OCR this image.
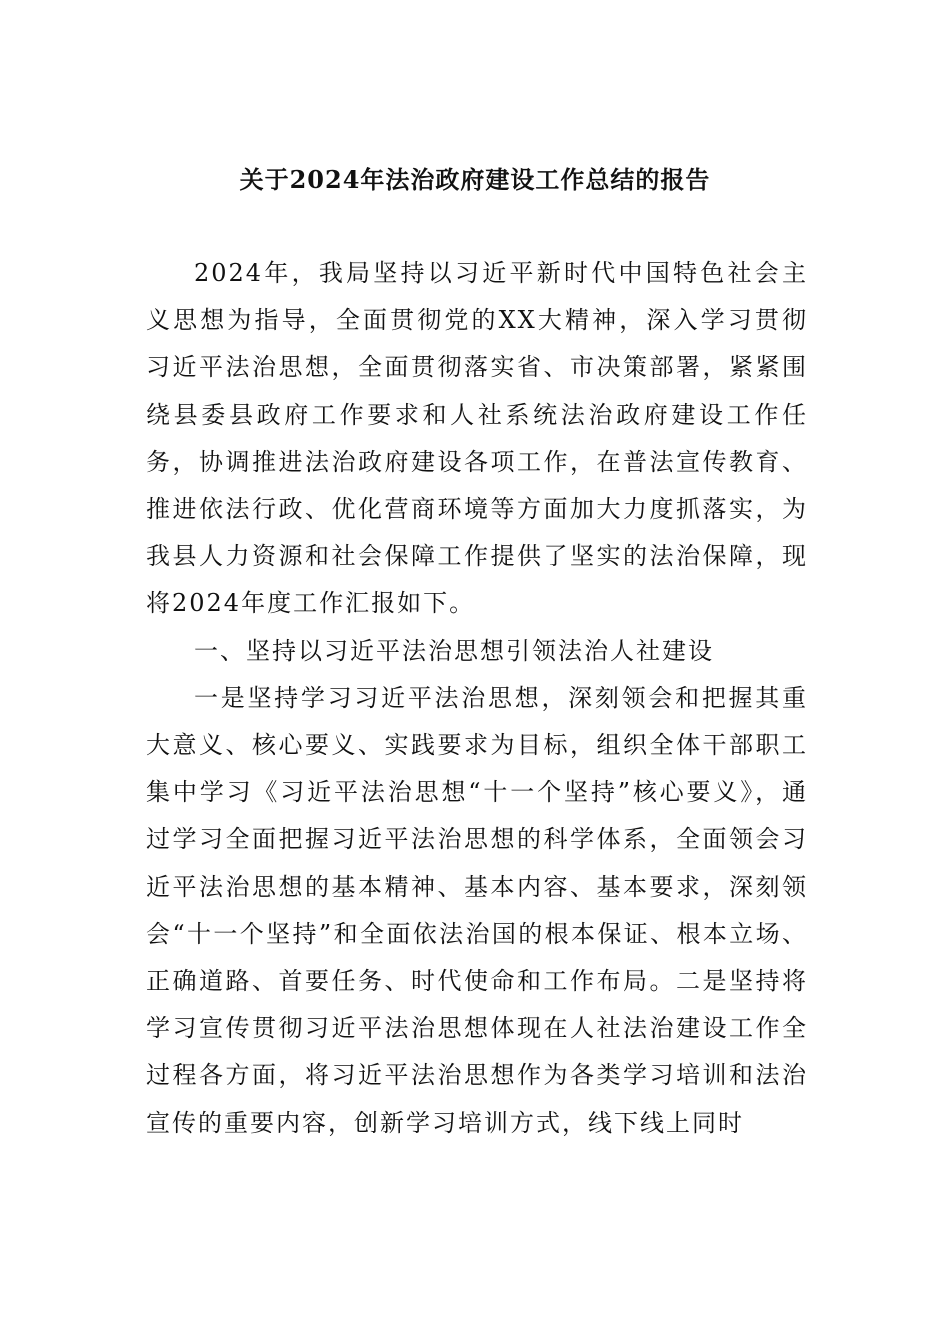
关于2024年法治政府建设工作总结的报告

2024年，我局坚持以习近平新时代中国特色社会主义思想为指导，全面贯彻党的XX大精神，深入学习贯彻习近平法治思想，全面贯彻落实省、市决策部署，紧紧围绕县委县政府工作要求和人社系统法治政府建设工作任务，协调推进法治政府建设各项工作，在普法宣传教育、推进依法行政、优化营商环境等方面加大力度抓落实，为我县人力资源和社会保障工作提供了坚实的法治保障，现将2024年度工作汇报如下。

一、坚持以习近平法治思想引领法治人社建设

一是坚持学习习近平法治思想，深刻领会和把握其重大意义、核心要义、实践要求为目标，组织全体干部职工集中学习《习近平法治思想“十一个坚持”核心要义》，通过学习全面把握习近平法治思想的科学体系，全面领会习近平法治思想的基本精神、基本内容、基本要求，深刻领会“十一个坚持”和全面依法治国的根本保证、根本立场、正确道路、首要任务、时代使命和工作布局。二是坚持将学习宣传贯彻习近平法治思想体现在人社法治建设工作全过程各方面，将习近平法治思想作为各类学习培训和法治宣传的重要内容，创新学习培训方式，线下线上同时
